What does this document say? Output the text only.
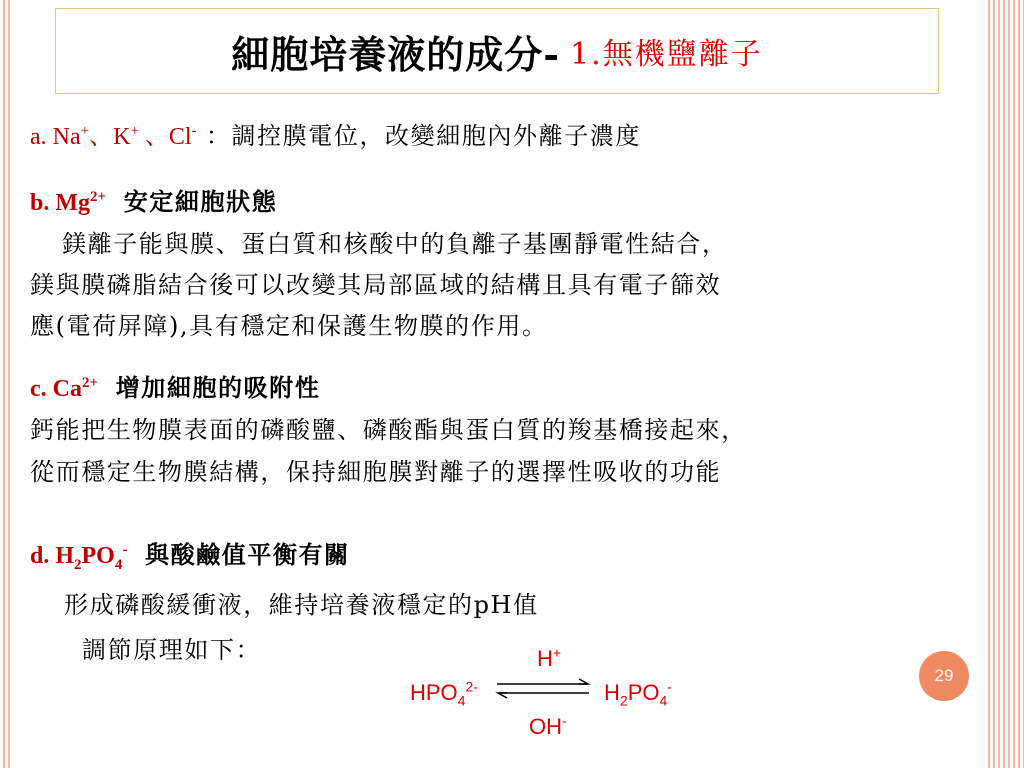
細胞培養液的成分- 1.無機鹽離子
a. Na+、K+ 、Cl- ：調控膜電位，改變細胞內外離子濃度
b. $Mg^{2+}$ 安定細胞狀態
鎂離子能與膜、蛋白質和核酸中的負離子基團靜電性結合，
鎂與膜磷脂結合後可以改變其局部區域的結構且具有電子篩效
應(電荷屏障),具有穩定和保護生物膜的作用。
c. $Ca^{2+}$ 增加細胞的吸附性
鈣能把生物膜表面的磷酸鹽、磷酸酯與蛋白質的羧基橋接起來，
從而穩定生物膜結構，保持細胞膜對離子的選擇性吸收的功能
d. $H_2PO_4^-$ 與酸鹼值平衡有關
形成磷酸緩衝液，維持培養液穩定的pH值
調節原理如下：	H+
$HPO_4^{2-}$	$H_2PO_4^-$
OH-
29
